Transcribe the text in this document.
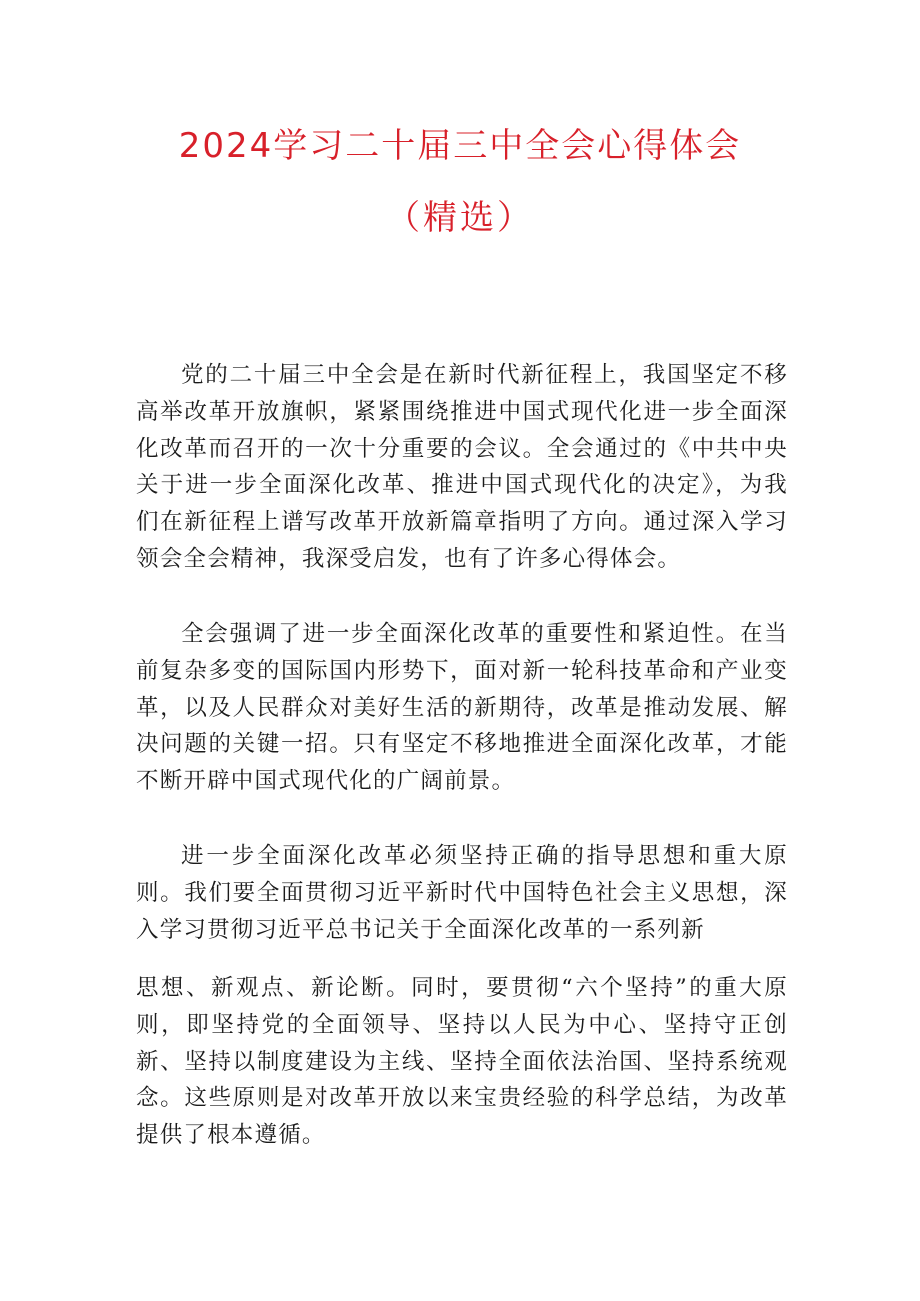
2024学习二十届三中全会心得体会
（精选）

党的二十届三中全会是在新时代新征程上，我国坚定不移高举改革开放旗帜，紧紧围绕推进中国式现代化进一步全面深化改革而召开的一次十分重要的会议。全会通过的《中共中央关于进一步全面深化改革、推进中国式现代化的决定》，为我们在新征程上谱写改革开放新篇章指明了方向。通过深入学习领会全会精神，我深受启发，也有了许多心得体会。

全会强调了进一步全面深化改革的重要性和紧迫性。在当前复杂多变的国际国内形势下，面对新一轮科技革命和产业变革，以及人民群众对美好生活的新期待，改革是推动发展、解决问题的关键一招。只有坚定不移地推进全面深化改革，才能不断开辟中国式现代化的广阔前景。

进一步全面深化改革必须坚持正确的指导思想和重大原则。我们要全面贯彻习近平新时代中国特色社会主义思想，深入学习贯彻习近平总书记关于全面深化改革的一系列新

思想、新观点、新论断。同时，要贯彻“六个坚持”的重大原则，即坚持党的全面领导、坚持以人民为中心、坚持守正创新、坚持以制度建设为主线、坚持全面依法治国、坚持系统观念。这些原则是对改革开放以来宝贵经验的科学总结，为改革提供了根本遵循。
